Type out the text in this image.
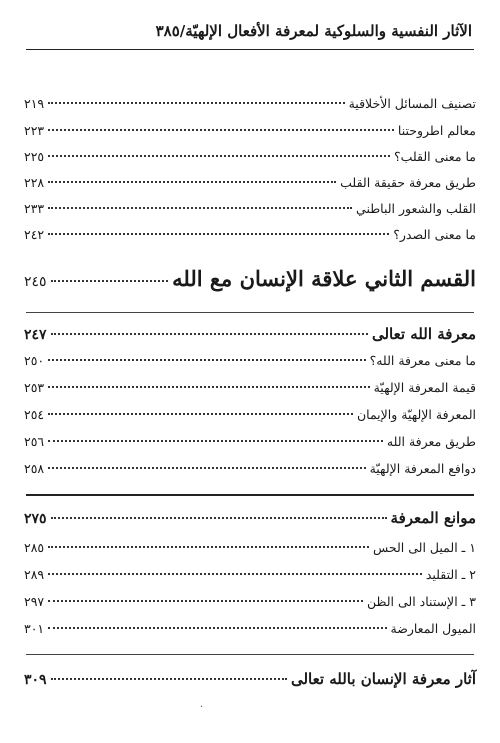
الآثار النفسية والسلوكية لمعرفة الأفعال الإلهيّة/٣٨٥
تصنيف المسائل الأخلاقية
٢١٩
معالم اطروحتنا
٢٢٣
ما معنى القلب؟
٢٢٥
طريق معرفة حقيقة القلب
٢٢٨
القلب والشعور الباطني
٢٣٣
ما معنى الصدر؟
٢٤٢
القسم الثاني علاقة الإنسان مع الله
٢٤٥
معرفة الله تعالى
٢٤٧
ما معنى معرفة الله؟
٢٥٠
قيمة المعرفة الإلهيّة
٢٥٣
المعرفة الإلهيّة والإيمان
٢٥٤
طريق معرفة الله
٢٥٦
دوافع المعرفة الإلهيّة
٢٥٨
موانع المعرفة
٢٧٥
١ ـ الميل الى الحس
٢٨٥
٢ ـ التقليد
٢٨٩
٣ ـ الإستناد الى الظن
٢٩٧
الميول المعارضة
٣٠١
آثار معرفة الإنسان بالله تعالى
٣٠٩
·
